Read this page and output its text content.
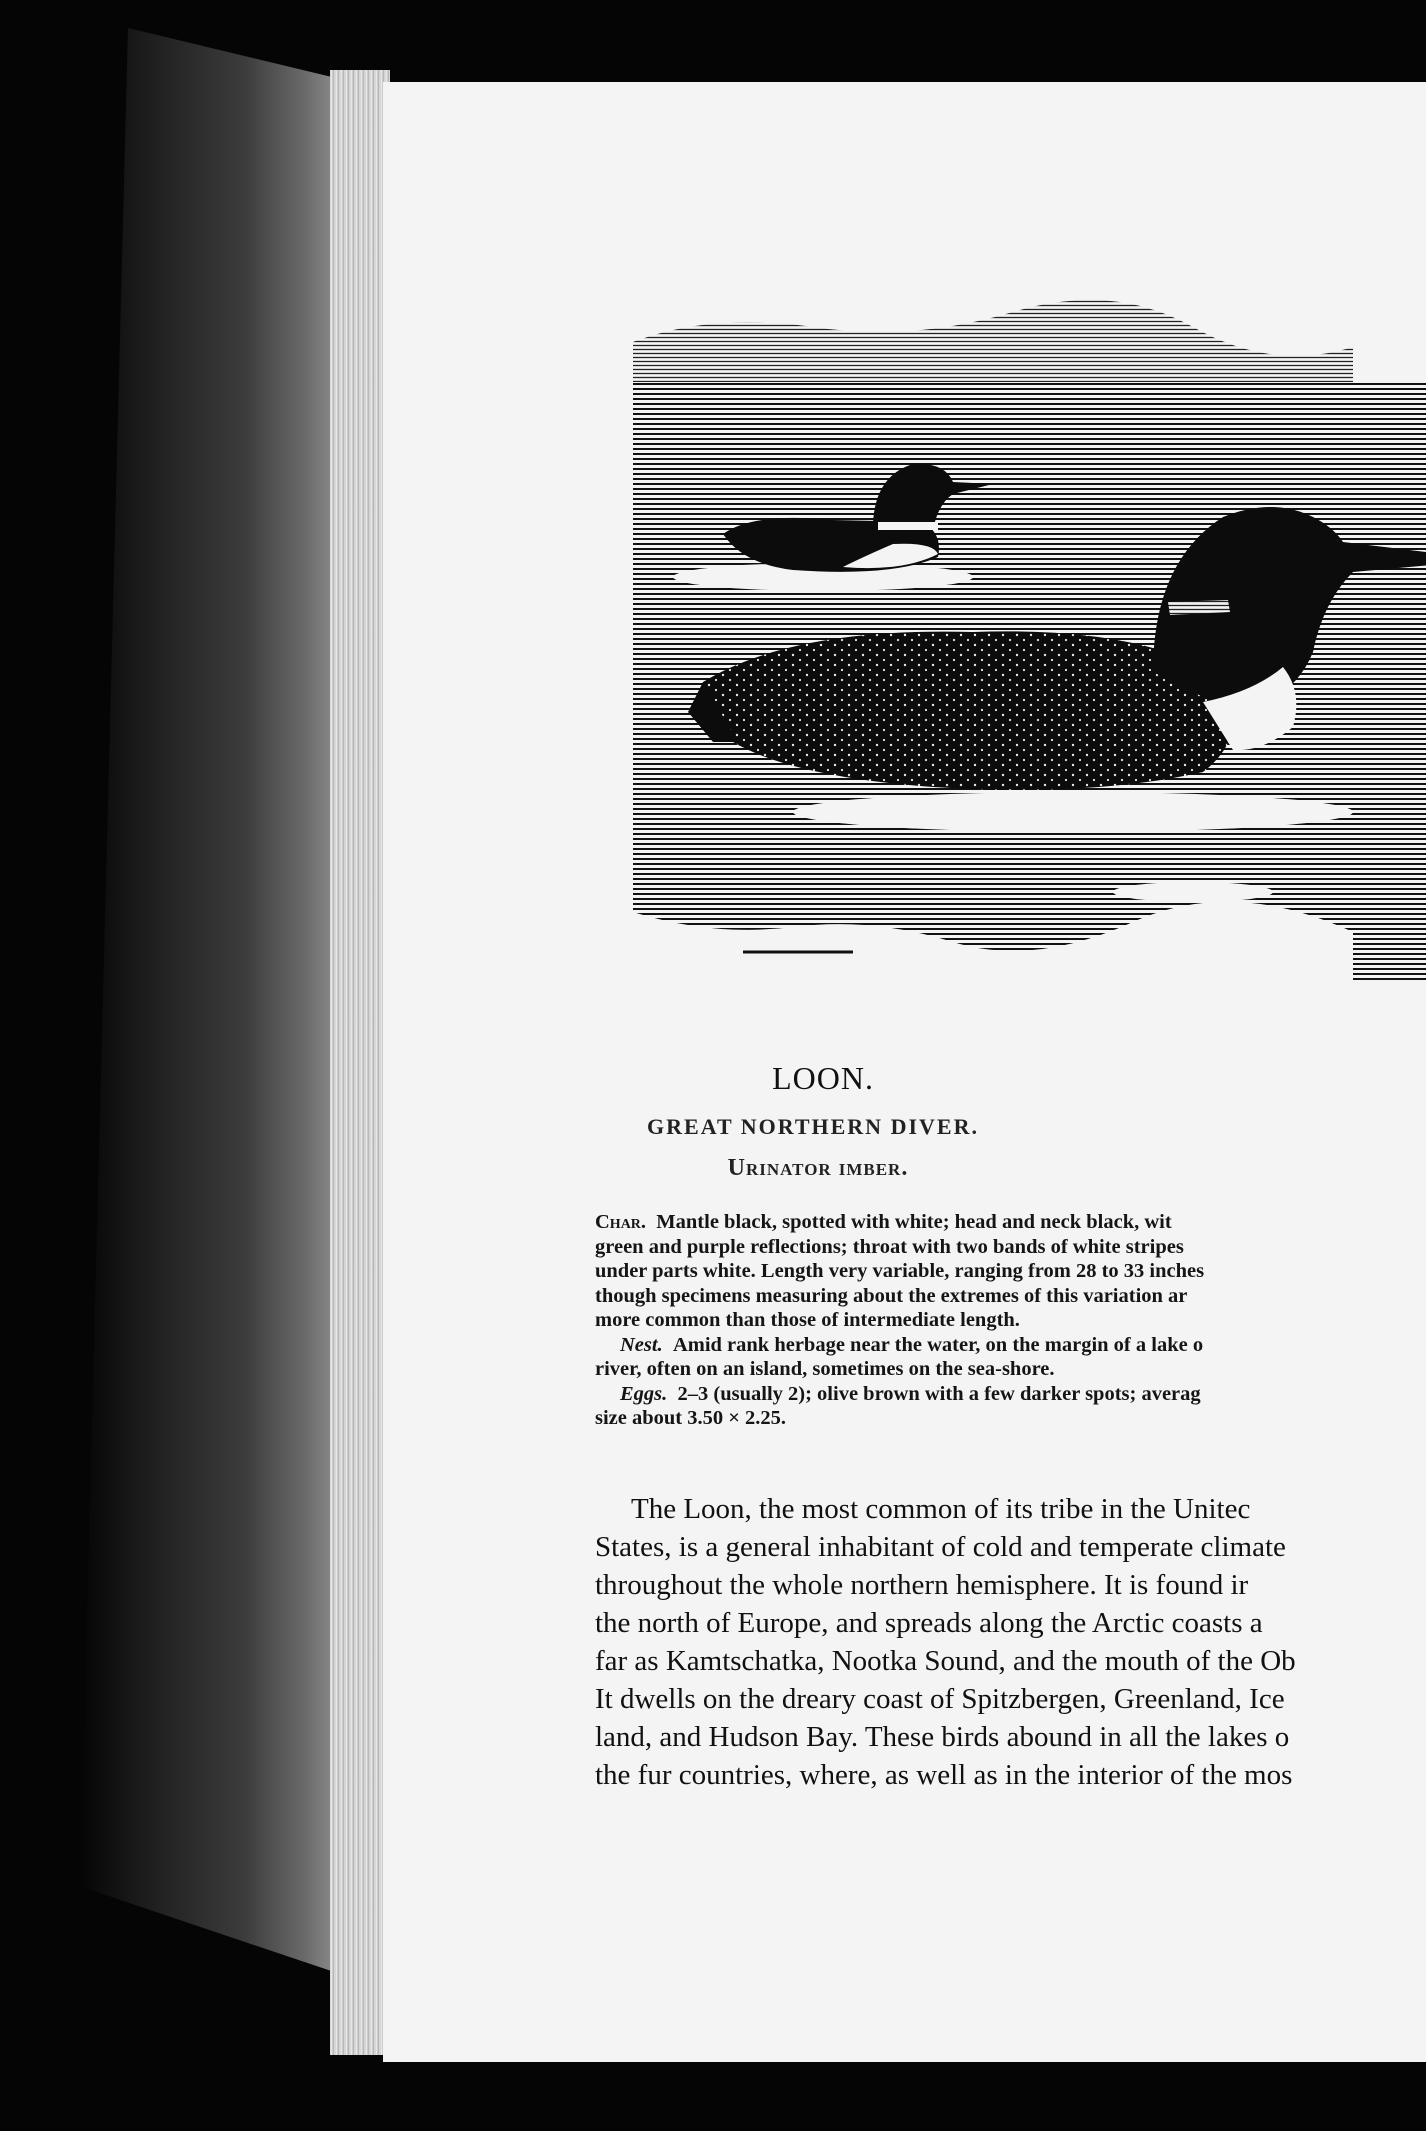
LOON.
GREAT NORTHERN DIVER.
Urinator imber.

Char. Mantle black, spotted with white; head and neck black, wit

green and purple reflections; throat with two bands of white stripes

under parts white. Length very variable, ranging from 28 to 33 inches

though specimens measuring about the extremes of this variation ar

more common than those of intermediate length.

Nest. Amid rank herbage near the water, on the margin of a lake o

river, often on an island, sometimes on the sea-shore.

Eggs. 2–3 (usually 2); olive brown with a few darker spots; averag

size about 3.50 × 2.25.

The Loon, the most common of its tribe in the Unitec
States, is a general inhabitant of cold and temperate climate
throughout the whole northern hemisphere. It is found ir
the north of Europe, and spreads along the Arctic coasts a
far as Kamtschatka, Nootka Sound, and the mouth of the Ob
It dwells on the dreary coast of Spitzbergen, Greenland, Ice
land, and Hudson Bay. These birds abound in all the lakes o
the fur countries, where, as well as in the interior of the mos
